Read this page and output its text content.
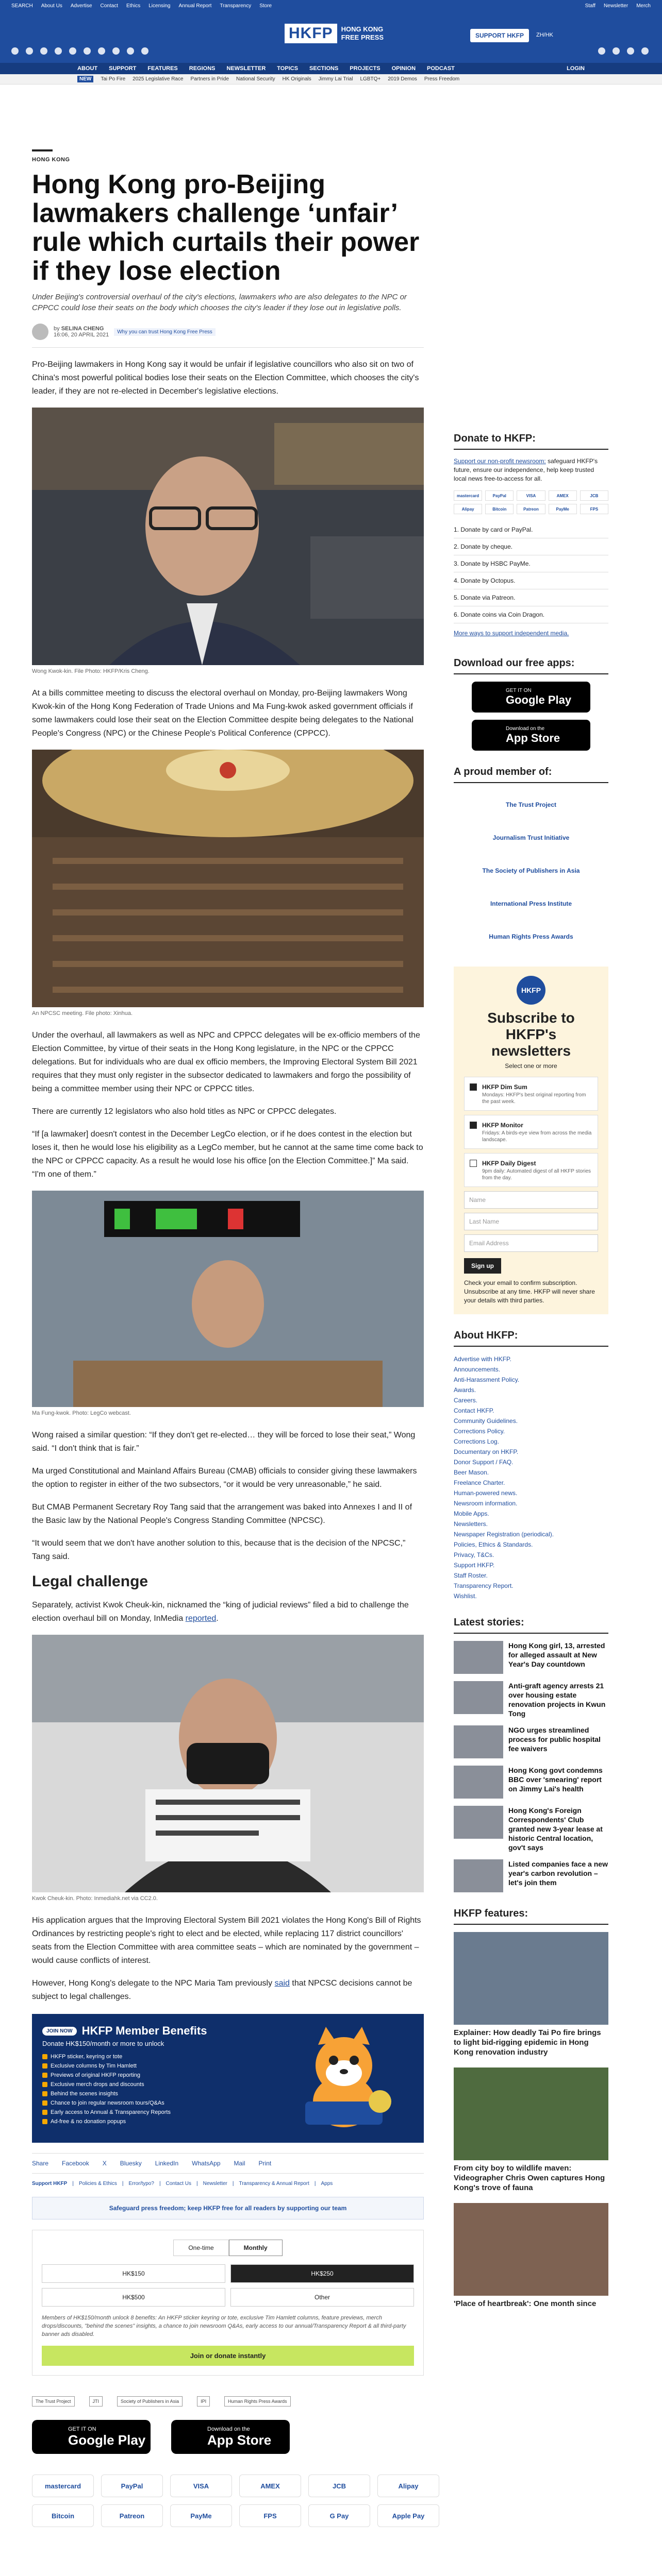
SEARCH About Us Advertise Contact Ethics Licensing Annual Report Transparency Store	Staff Newsletter Merch
HKFP	HONG KONG
FREE PRESS	SUPPORT HKFP	ZH/HK
ABOUT SUPPORT FEATURES REGIONS NEWSLETTER TOPICS SECTIONS PROJECTS OPINION PODCAST	LOGIN
NEW	Tai Po Fire 2025 Legislative Race Partners in Pride National Security HK Originals Jimmy Lai Trial LGBTQ+ 2019 Demos Press Freedom
HONG KONG
Hong Kong pro-Beijing lawmakers challenge ‘unfair’ rule which curtails their power if they lose election

Under Beijing's controversial overhaul of the city's elections, lawmakers who are also delegates to the NPC or CPPCC could lose their seats on the body which chooses the city's leader if they lose out in legislative polls.

by SELINA CHENG
16:06, 20 APRIL 2021	Why you can trust Hong Kong Free Press

Pro-Beijing lawmakers in Hong Kong say it would be unfair if legislative councillors who also sit on two of China's most powerful political bodies lose their seats on the Election Committee, which chooses the city's leader, if they are not re-elected in December's legislative elections.

Wong Kwok-kin. File Photo: HKFP/Kris Cheng.

At a bills committee meeting to discuss the electoral overhaul on Monday, pro-Beijing lawmakers Wong Kwok-kin of the Hong Kong Federation of Trade Unions and Ma Fung-kwok asked government officials if some lawmakers could lose their seat on the Election Committee despite being delegates to the National People's Congress (NPC) or the Chinese People's Political Conference (CPPCC).

An NPCSC meeting. File photo: Xinhua.

Under the overhaul, all lawmakers as well as NPC and CPPCC delegates will be ex-officio members of the Election Committee, by virtue of their seats in the Hong Kong legislature, in the NPC or the CPPCC delegations. But for individuals who are dual ex officio members, the Improving Electoral System Bill 2021 requires that they must only register in the subsector dedicated to lawmakers and forgo the possibility of being a committee member using their NPC or CPPCC titles.

There are currently 12 legislators who also hold titles as NPC or CPPCC delegates.

“If [a lawmaker] doesn't contest in the December LegCo election, or if he does contest in the election but loses it, then he would lose his eligibility as a LegCo member, but he cannot at the same time come back to the NPC or CPPCC capacity. As a result he would lose his office [on the Election Committee.]” Ma said. “I'm one of them.”

Ma Fung-kwok. Photo: LegCo webcast.

Wong raised a similar question: “If they don't get re-elected… they will be forced to lose their seat,” Wong said. “I don't think that is fair.”

Ma urged Constitutional and Mainland Affairs Bureau (CMAB) officials to consider giving these lawmakers the option to register in either of the two subsectors, “or it would be very unreasonable,” he said.

But CMAB Permanent Secretary Roy Tang said that the arrangement was baked into Annexes I and II of the Basic law by the National People's Congress Standing Committee (NPCSC).

“It would seem that we don't have another solution to this, because that is the decision of the NPCSC,” Tang said.

Legal challenge

Separately, activist Kwok Cheuk-kin, nicknamed the “king of judicial reviews” filed a bid to challenge the election overhaul bill on Monday, InMedia reported.

Kwok Cheuk-kin. Photo: Inmediahk.net via CC2.0.

His application argues that the Improving Electoral System Bill 2021 violates the Hong Kong's Bill of Rights Ordinances by restricting people's right to elect and be elected, while replacing 117 district councillors' seats from the Election Committee with area committee seats – which are nominated by the government – would cause conflicts of interest.

However, Hong Kong's delegate to the NPC Maria Tam previously said that NPCSC decisions cannot be subject to legal challenges.

JOIN NOW HKFP Member Benefits
Donate HK$150/month or more to unlock
HKFP sticker, keyring or tote
Exclusive columns by Tim Hamlett
Previews of original HKFP reporting
Exclusive merch drops and discounts
Behind the scenes insights
Chance to join regular newsroom tours/Q&As
Early access to Annual & Transparency Reports
Ad-free & no donation popups
Share Facebook X Bluesky LinkedIn WhatsApp Mail Print
Support HKFP | Policies & Ethics | Error/typo? | Contact Us | Newsletter | Transparency & Annual Report | Apps
Safeguard press freedom; keep HKFP free for all readers by supporting our team
One-time	Monthly
HK$150	HK$250
HK$500	Other

Members of HK$150/month unlock 8 benefits: An HKFP sticker keyring or tote, exclusive Tim Hamlett columns, feature previews, merch drops/discounts, "behind the scenes" insights, a chance to join newsroom Q&As, early access to our annual/Transparency Report & all third-party banner ads disabled.

Join or donate instantly
The Trust Project	JTI	Society of Publishers in Asia	IPI	Human Rights Press Awards
GET IT ON
Google Play
Download on the
App Store
mastercard	PayPal	VISA	AMEX	JCB	Alipay
Bitcoin	Patreon	PayMe	FPS	G Pay	Apple Pay
Donate to HKFP:

Support our non-profit newsroom: safeguard HKFP's future, ensure our independence, help keep trusted local news free-to-access for all.

mastercard	PayPal	VISA	AMEX	JCB
Alipay	Bitcoin	Patreon	PayMe	FPS
1. Donate by card or PayPal.
2. Donate by cheque.
3. Donate by HSBC PayMe.
4. Donate by Octopus.
5. Donate via Patreon.
6. Donate coins via Coin Dragon.
More ways to support independent media.
Download our free apps:
GET IT ON
Google Play
Download on the
App Store
A proud member of:
The Trust Project
Journalism Trust Initiative
The Society of Publishers in Asia
International Press Institute
Human Rights Press Awards
HKFP
Subscribe to HKFP's newsletters
Select one or more
HKFP Dim Sum

Mondays: HKFP's best original reporting from the past week.

HKFP Monitor

Fridays: A birds-eye view from across the media landscape.

HKFP Daily Digest

9pm daily: Automated digest of all HKFP stories from the day.

Name
Last Name
Email Address
Sign up

Check your email to confirm subscription. Unsubscribe at any time. HKFP will never share your details with third parties.

About HKFP:
Advertise with HKFP.
Announcements.
Anti-Harassment Policy.
Awards.
Careers.
Contact HKFP.
Community Guidelines.
Corrections Policy.
Corrections Log.
Documentary on HKFP.
Donor Support / FAQ.
Beer Mason.
Freelance Charter.
Human-powered news.
Newsroom information.
Mobile Apps.
Newsletters.
Newspaper Registration (periodical).
Policies, Ethics & Standards.
Privacy, T&Cs.
Support HKFP.
Staff Roster.
Transparency Report.
Wishlist.
Latest stories:
Hong Kong girl, 13, arrested for alleged assault at New Year's Day countdown
Anti-graft agency arrests 21 over housing estate renovation projects in Kwun Tong
NGO urges streamlined process for public hospital fee waivers
Hong Kong govt condemns BBC over 'smearing' report on Jimmy Lai's health
Hong Kong's Foreign Correspondents' Club granted new 3-year lease at historic Central location, gov't says
Listed companies face a new year's carbon revolution – let's join them
HKFP features:
Explainer: How deadly Tai Po fire brings to light bid-rigging epidemic in Hong Kong renovation industry
From city boy to wildlife maven: Videographer Chris Owen captures Hong Kong's trove of fauna
'Place of heartbreak': One month since
